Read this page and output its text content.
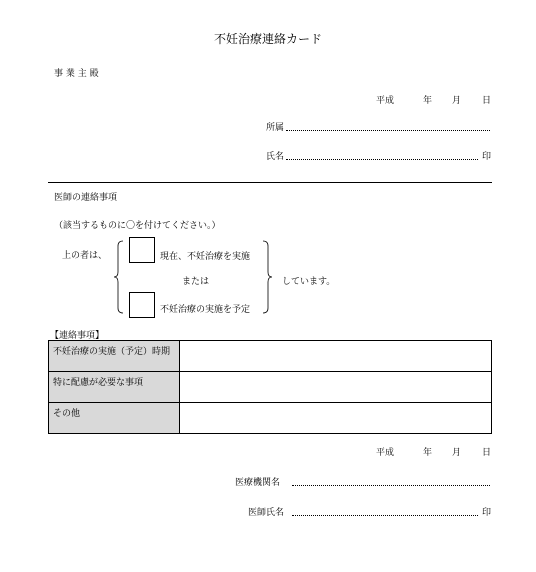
不妊治療連絡カード
事 業 主 殿
平成	年 月 日
所属
氏名	印
医師の連絡事項
（該当するものに〇を付けてください。）
上の者は、	現在、不妊治療を実施
または
不妊治療の実施を予定
しています。
【連絡事項】
不妊治療の実施（予定）時期	
特に配慮が必要な事項	
その他	
平成	年 月 日
医療機関名
医師氏名	印
